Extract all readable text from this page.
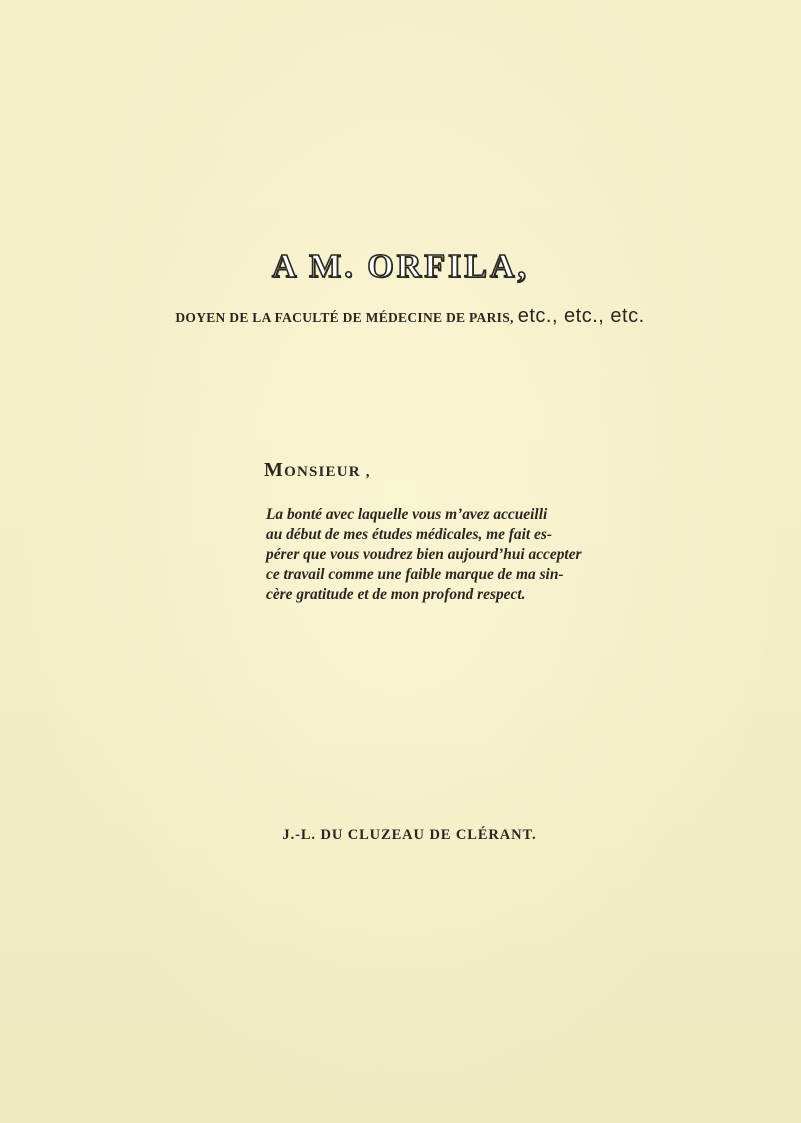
A M. ORFILA,
DOYEN DE LA FACULTÉ DE MÉDECINE DE PARIS, etc., etc., etc.
MONSIEUR ,
La bonté avec laquelle vous m’avez accueilli
au début de mes études médicales, me fait es-
pérer que vous voudrez bien aujourd’hui accepter
ce travail comme une faible marque de ma sin-
cère gratitude et de mon profond respect.
J.-L. DU CLUZEAU DE CLÉRANT.
